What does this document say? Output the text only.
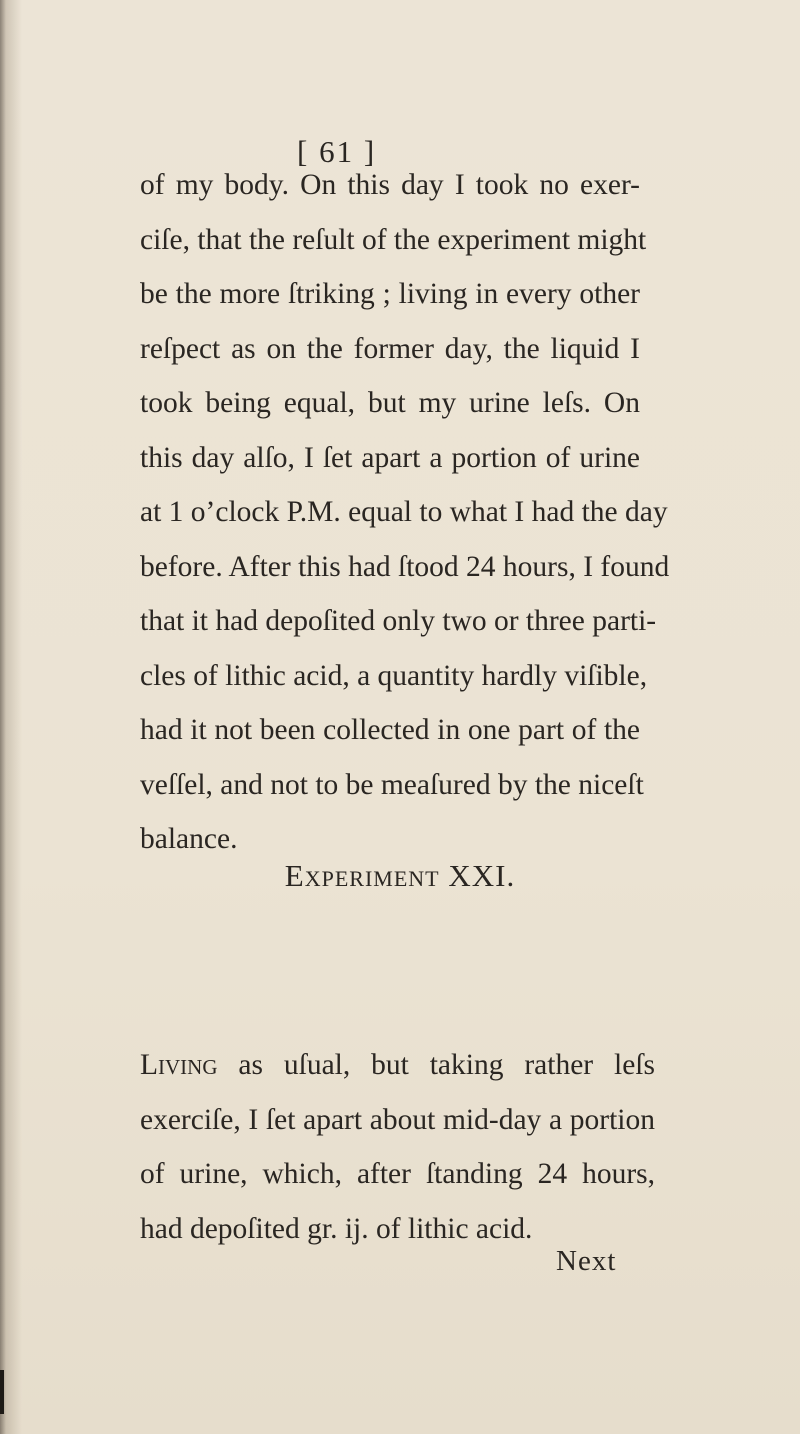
[ 61 ]

of my body. On this day I took no exer-
ciſe, that the reſult of the experiment might
be the more ſtriking ; living in every other
reſpect as on the former day, the liquid I
took being equal, but my urine leſs. On
this day alſo, I ſet apart a portion of urine
at 1 o’clock P.M. equal to what I had the day
before. After this had ſtood 24 hours, I found
that it had depoſited only two or three parti-
cles of lithic acid, a quantity hardly viſible,
had it not been collected in one part of the
veſſel, and not to be meaſured by the niceſt
balance.
Experiment XXI.
Living as uſual, but taking rather leſs
exerciſe, I ſet apart about mid-day a portion
of urine, which, after ſtanding 24 hours,
had depoſited gr. ij. of lithic acid.
Next
